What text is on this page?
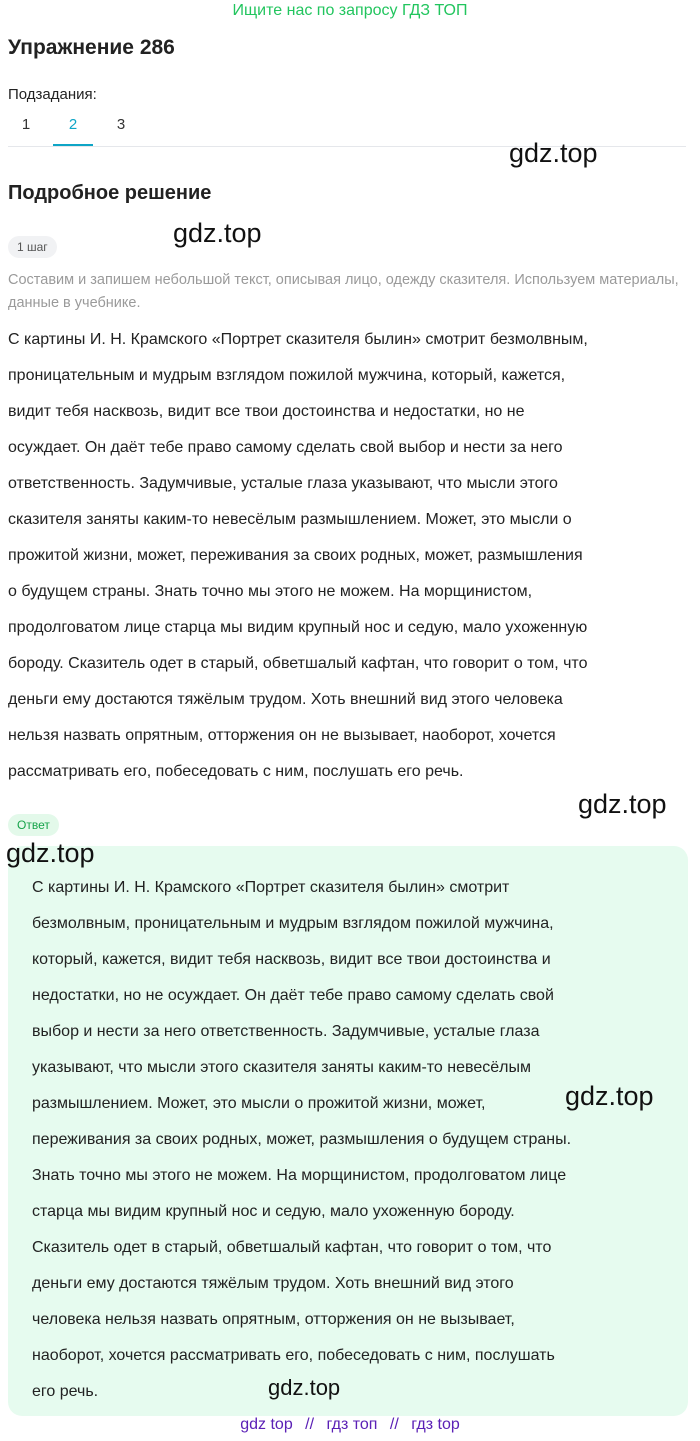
Ищите нас по запросу ГДЗ ТОП
Упражнение 286
Подзадания:
1	2	3
Подробное решение
1 шаг
Составим и запишем небольшой текст, описывая лицо, одежду сказителя. Используем материалы, данные в учебнике.
С картины И. Н. Крамского «Портрет сказителя былин» смотрит безмолвным,
проницательным и мудрым взглядом пожилой мужчина, который, кажется,
видит тебя насквозь, видит все твои достоинства и недостатки, но не
осуждает. Он даёт тебе право самому сделать свой выбор и нести за него
ответственность. Задумчивые, усталые глаза указывают, что мысли этого
сказителя заняты каким-то невесёлым размышлением. Может, это мысли о
прожитой жизни, может, переживания за своих родных, может, размышления
о будущем страны. Знать точно мы этого не можем. На морщинистом,
продолговатом лице старца мы видим крупный нос и седую, мало ухоженную
бороду. Сказитель одет в старый, обветшалый кафтан, что говорит о том, что
деньги ему достаются тяжёлым трудом. Хоть внешний вид этого человека
нельзя назвать опрятным, отторжения он не вызывает, наоборот, хочется
рассматривать его, побеседовать с ним, послушать его речь.
Ответ
С картины И. Н. Крамского «Портрет сказителя былин» смотрит
безмолвным, проницательным и мудрым взглядом пожилой мужчина,
который, кажется, видит тебя насквозь, видит все твои достоинства и
недостатки, но не осуждает. Он даёт тебе право самому сделать свой
выбор и нести за него ответственность. Задумчивые, усталые глаза
указывают, что мысли этого сказителя заняты каким-то невесёлым
размышлением. Может, это мысли о прожитой жизни, может,
переживания за своих родных, может, размышления о будущем страны.
Знать точно мы этого не можем. На морщинистом, продолговатом лице
старца мы видим крупный нос и седую, мало ухоженную бороду.
Сказитель одет в старый, обветшалый кафтан, что говорит о том, что
деньги ему достаются тяжёлым трудом. Хоть внешний вид этого
человека нельзя назвать опрятным, отторжения он не вызывает,
наоборот, хочется рассматривать его, побеседовать с ним, послушать
его речь.
gdz.top
gdz.top
gdz.top
gdz.top
gdz.top
gdz.top
gdz top // гдз топ // гдз top
